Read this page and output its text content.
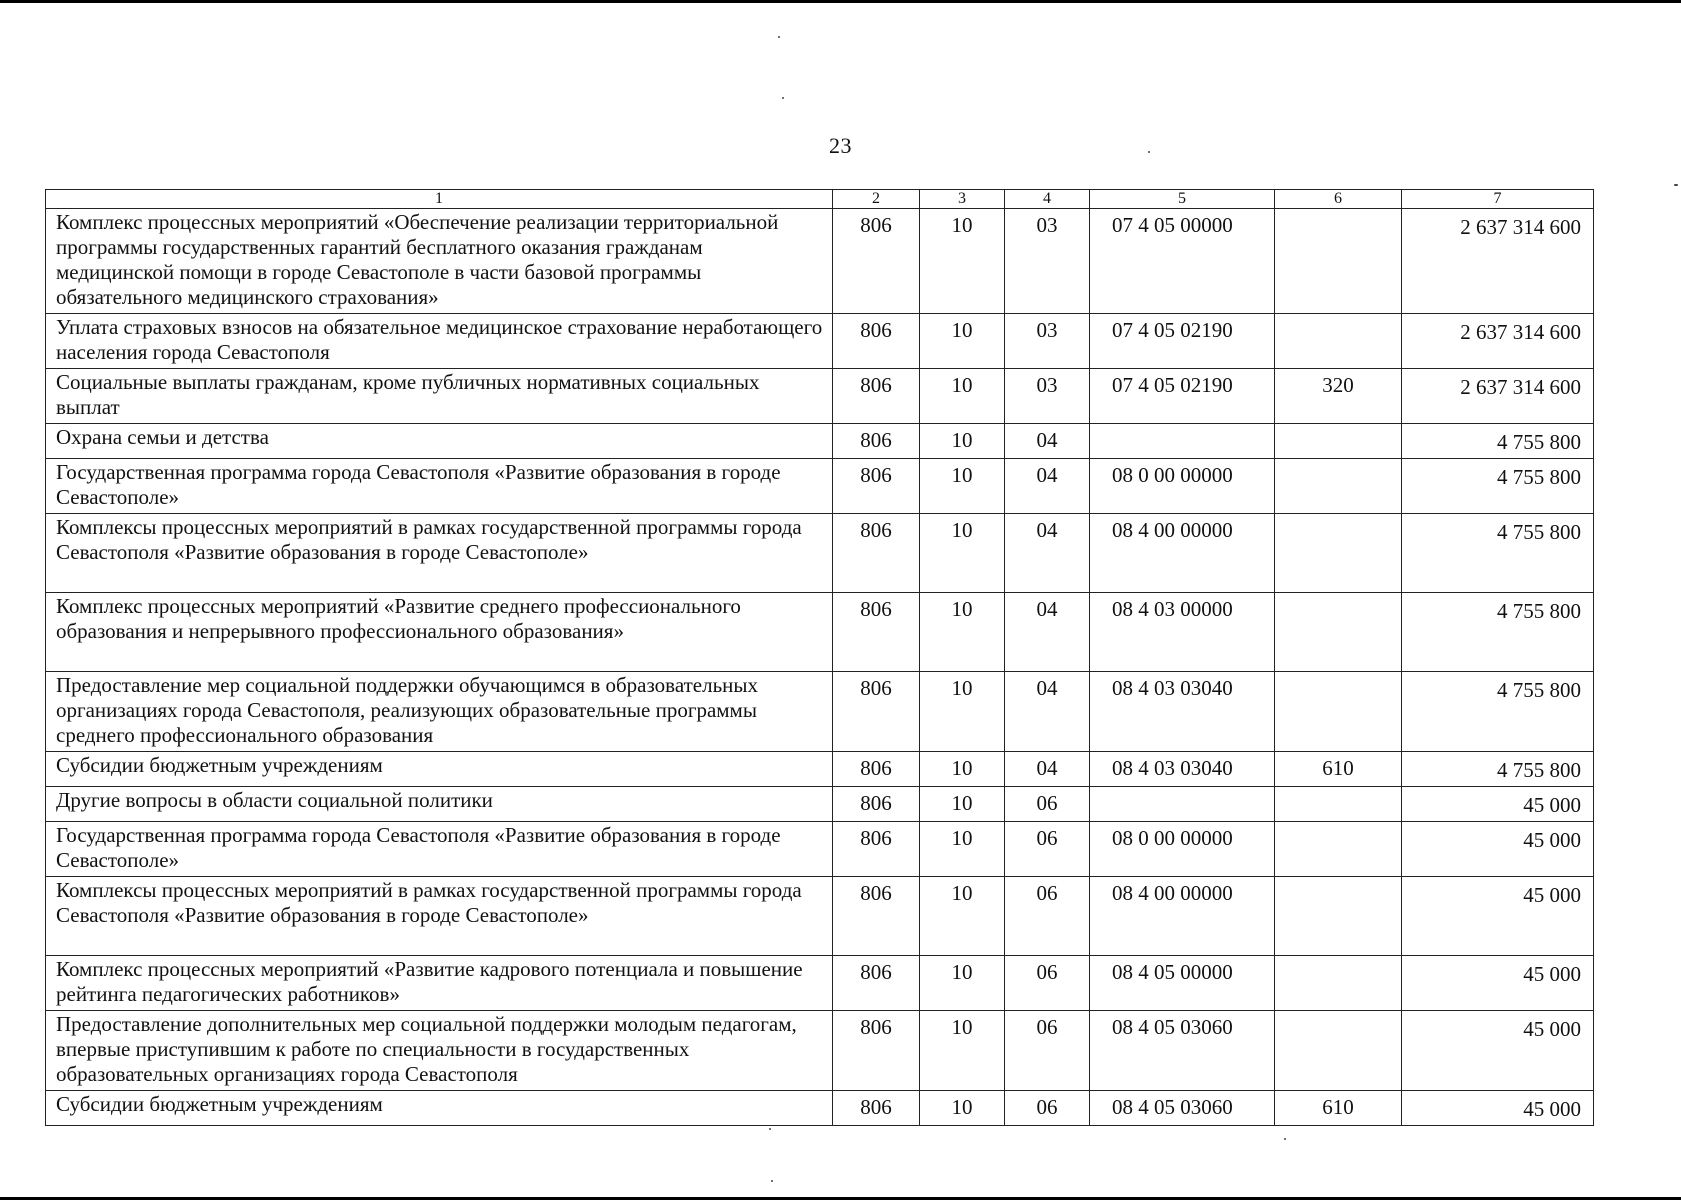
23
1	2	3	4	5	6	7
Комплекс процессных мероприятий «Обеспечение реализации территориальной программы государственных гарантий бесплатного оказания гражданам медицинской помощи в городе Севастополе в части базовой программы обязательного медицинского страхования»	806	10	03	07 4 05 00000		2 637 314 600
Уплата страховых взносов на обязательное медицинское страхование неработающего населения города Севастополя	806	10	03	07 4 05 02190		2 637 314 600
Социальные выплаты гражданам, кроме публичных нормативных социальных выплат	806	10	03	07 4 05 02190	320	2 637 314 600
Охрана семьи и детства	806	10	04			4 755 800
Государственная программа города Севастополя «Развитие образования в городе Севастополе»	806	10	04	08 0 00 00000		4 755 800
Комплексы процессных мероприятий в рамках государственной программы города Севастополя «Развитие образования в городе Севастополе»	806	10	04	08 4 00 00000		4 755 800
Комплекс процессных мероприятий «Развитие среднего профессионального образования и непрерывного профессионального образования»	806	10	04	08 4 03 00000		4 755 800
Предоставление мер социальной поддержки обучающимся в образовательных организациях города Севастополя, реализующих образовательные программы среднего профессионального образования	806	10	04	08 4 03 03040		4 755 800
Субсидии бюджетным учреждениям	806	10	04	08 4 03 03040	610	4 755 800
Другие вопросы в области социальной политики	806	10	06			45 000
Государственная программа города Севастополя «Развитие образования в городе Севастополе»	806	10	06	08 0 00 00000		45 000
Комплексы процессных мероприятий в рамках государственной программы города Севастополя «Развитие образования в городе Севастополе»	806	10	06	08 4 00 00000		45 000
Комплекс процессных мероприятий «Развитие кадрового потенциала и повышение рейтинга педагогических работников»	806	10	06	08 4 05 00000		45 000
Предоставление дополнительных мер социальной поддержки молодым педагогам, впервые приступившим к работе по специальности в государственных образовательных организациях города Севастополя	806	10	06	08 4 05 03060		45 000
Субсидии бюджетным учреждениям	806	10	06	08 4 05 03060	610	45 000
